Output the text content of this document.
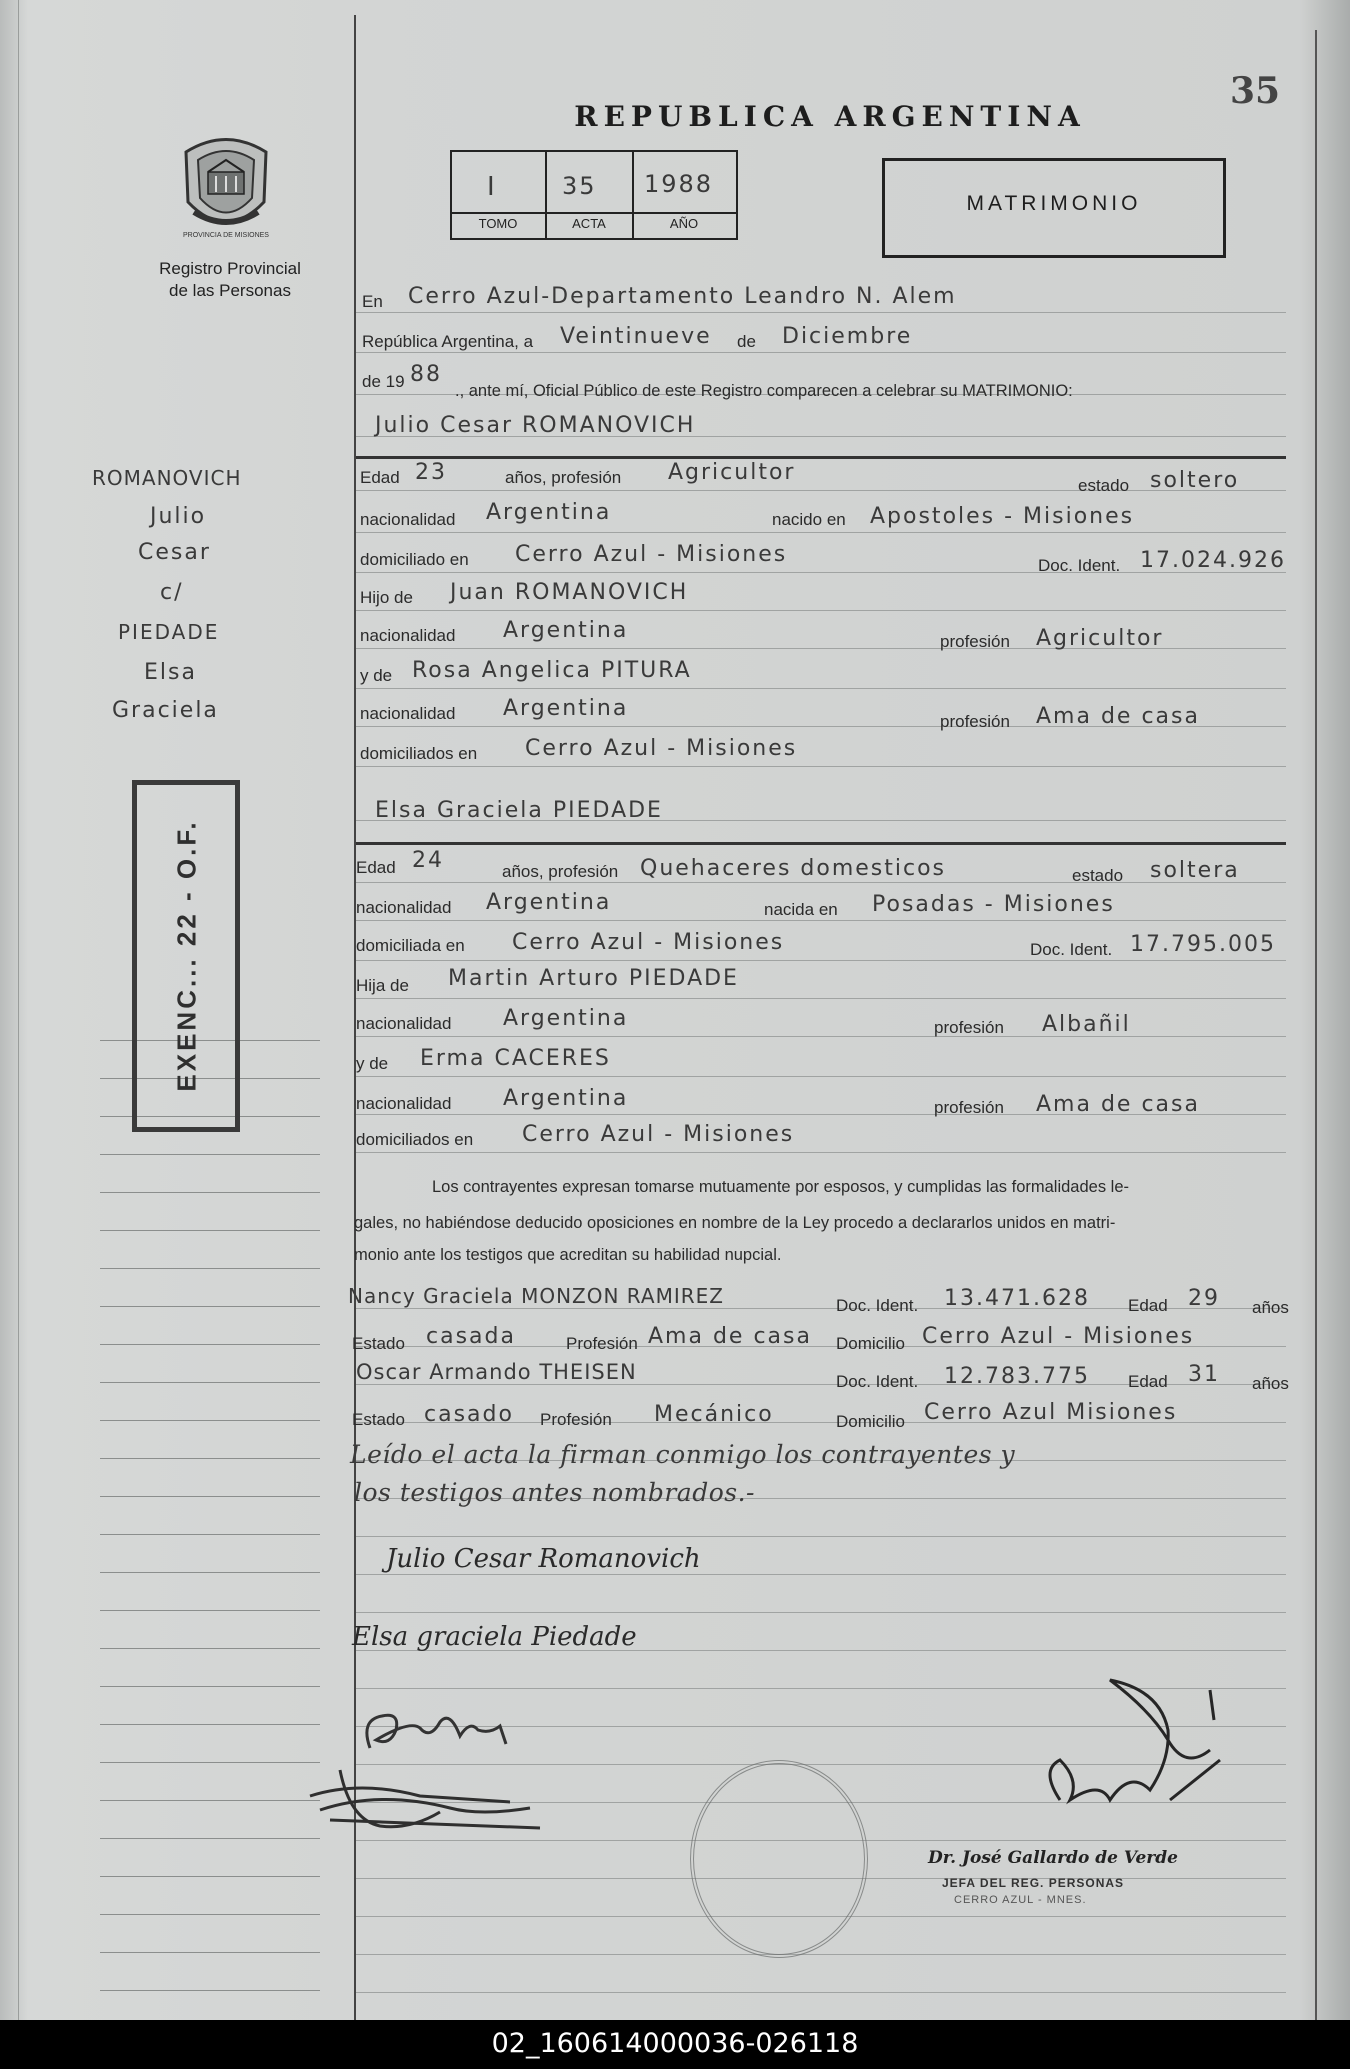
PROVINCIA DE MISIONES
Registro Provincial
de las Personas
REPUBLICA ARGENTINA
35
I	35 1988
TOMO	ACTA	AÑO
MATRIMONIO
En Cerro Azul-Departamento Leandro N. Alem
República Argentina, a Veintinueve de Diciembre
de 19 88
., ante mí, Oficial Público de este Registro comparecen a celebrar su MATRIMONIO:
Julio Cesar ROMANOVICH
Edad 23	años, profesión Agricultor
estado soltero
nacionalidad Argentina	nacido en Apostoles - Misiones
domiciliado en Cerro Azul - Misiones	Doc. Ident. 17.024.926
Hijo de Juan ROMANOVICH
nacionalidad Argentina	profesión Agricultor
y de Rosa Angelica PITURA
nacionalidad Argentina
profesión Ama de casa
domiciliados en Cerro Azul - Misiones
Elsa Graciela PIEDADE
Edad 24	años, profesión Quehaceres domesticos	estado soltera
nacionalidad Argentina	nacida en Posadas - Misiones
domiciliada en Cerro Azul - Misiones	Doc. Ident. 17.795.005
Hija de Martin Arturo PIEDADE
nacionalidad Argentina	profesión Albañil
y de Erma CACERES
nacionalidad Argentina	profesión Ama de casa
domiciliados en Cerro Azul - Misiones
Los contrayentes expresan tomarse mutuamente por esposos, y cumplidas las formalidades le-
gales, no habiéndose deducido oposiciones en nombre de la Ley procedo a declararlos unidos en matri-
monio ante los testigos que acreditan su habilidad nupcial.
Nancy Graciela MONZON RAMIREZ	Doc. Ident. 13.471.628 Edad 29 años
Estado casada	Profesión Ama de casa Domicilio Cerro Azul - Misiones
Oscar Armando THEISEN	Doc. Ident. 12.783.775 Edad 31 años
Estado casado Profesión Mecánico	Domicilio Cerro Azul Misiones
Leído el acta la firman conmigo los contrayentes y
los testigos antes nombrados.-
Julio Cesar Romanovich
Elsa graciela Piedade
Dr. José Gallardo de Verde
JEFA DEL REG. PERSONAS
CERRO AZUL - MNES.
ROMANOVICH
Julio
Cesar
c/
PIEDADE
Elsa
Graciela
EXENC... 22 - O.F.
02_160614000036-026118
